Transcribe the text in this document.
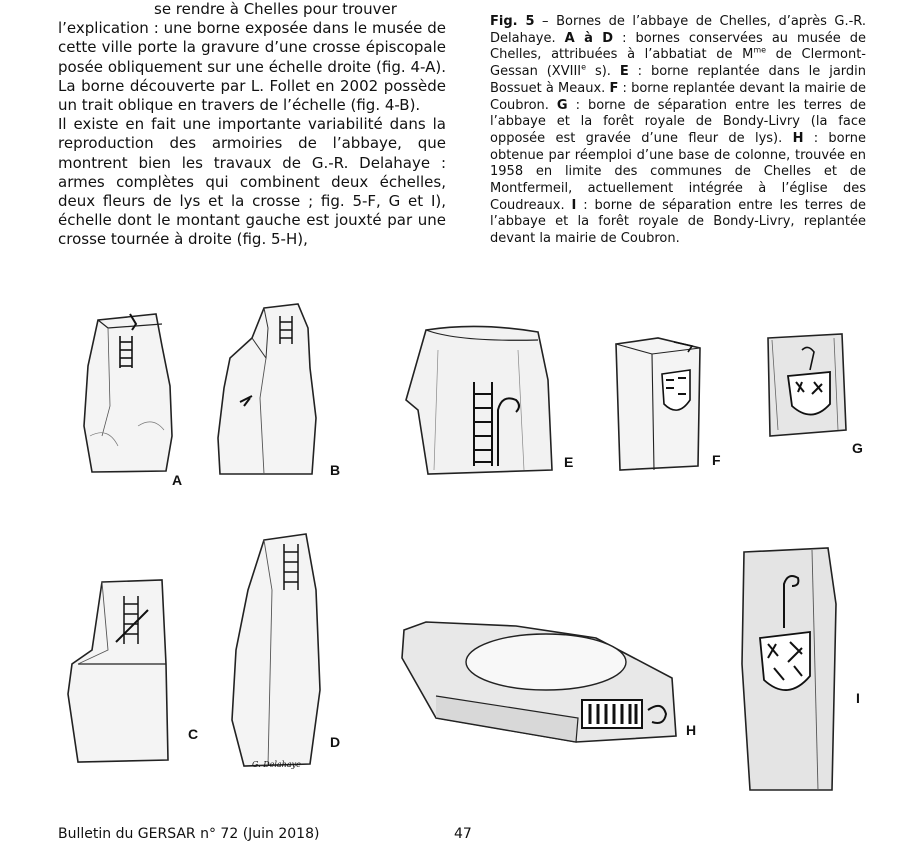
se rendre à Chelles pour trouver

l’explication : une borne exposée dans le musée de cette ville porte la gravure d’une crosse épiscopale posée obliquement sur une échelle droite (fig. 4-A). La borne découverte par L. Follet en 2002 possède un trait oblique en travers de l’échelle (fig. 4-B).

Il existe en fait une importante variabilité dans la reproduction des armoiries de l’abbaye, que montrent bien les travaux de G.-R. Delahaye : armes complètes qui combinent deux échelles, deux fleurs de lys et la crosse ; fig. 5-F, G et I), échelle dont le montant gauche est jouxté par une crosse tournée à droite (fig. 5-H),

Fig. 5 – Bornes de l’abbaye de Chelles, d’après G.-R. Delahaye. A à D : bornes conservées au musée de Chelles, attribuées à l’abbatiat de $M^{me}$ de Clermont-Gessan (XVIIIe s). E : borne replantée dans le jardin Bossuet à Meaux. F : borne replantée devant la mairie de Coubron. G : borne de séparation entre les terres de l’abbaye et la forêt royale de Bondy-Livry (la face opposée est gravée d’une fleur de lys). H : borne obtenue par réemploi d’une base de colonne, trouvée en 1958 en limite des communes de Chelles et de Montfermeil, actuellement intégrée à l’église des Coudreaux. I : borne de séparation entre les terres de l’abbaye et la forêt royale de Bondy-Livry, replantée devant la mairie de Coubron.
A
B	E	F
G
C	D
G. Delahaye
H
I
Bulletin du GERSAR n° 72 (Juin 2018)	47
